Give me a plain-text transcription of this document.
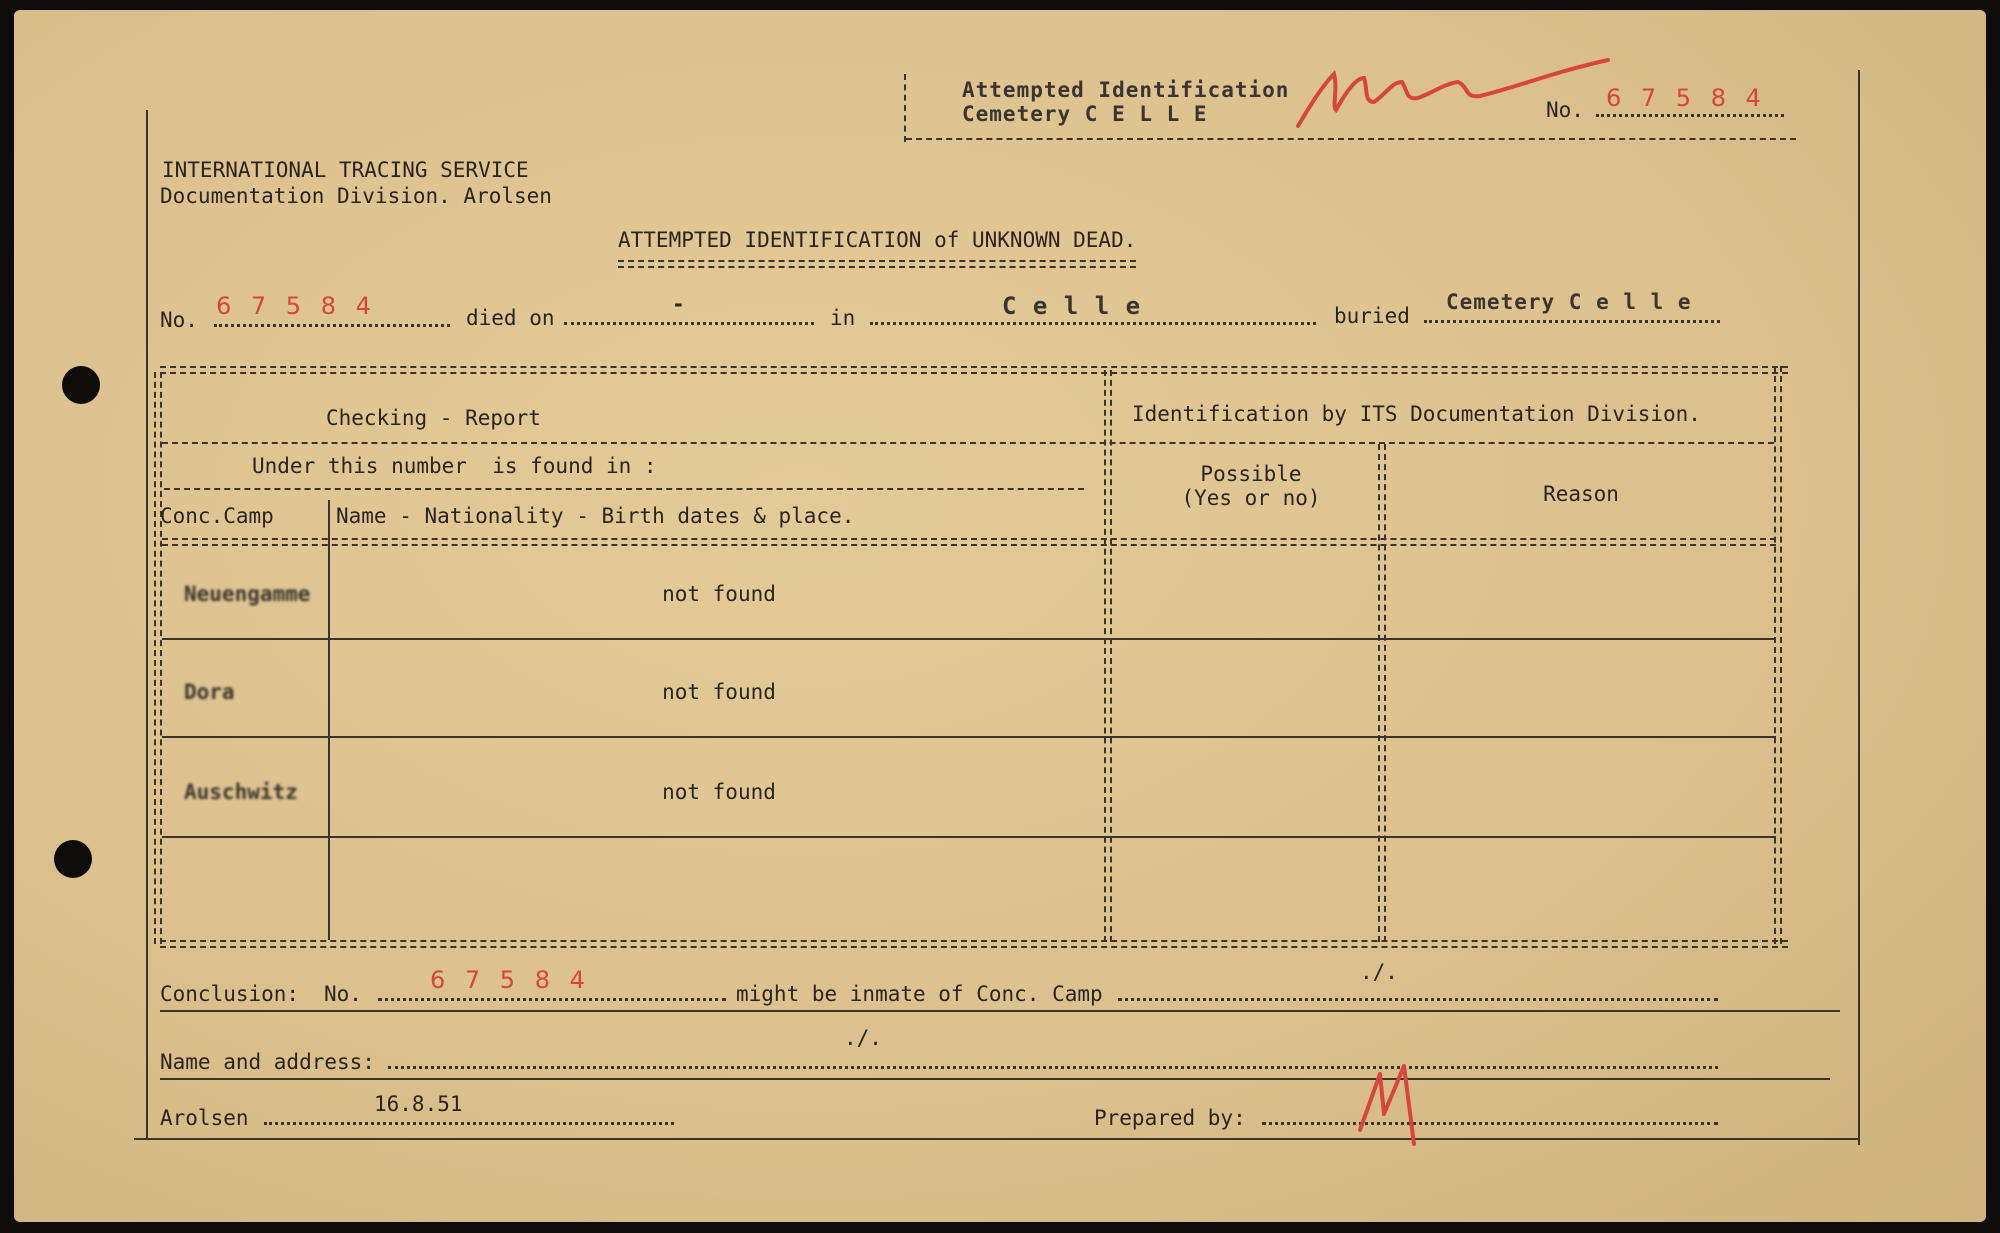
Attempted Identification
Cemetery C E L L E	No. 6 7 5 8 4
INTERNATIONAL TRACING SERVICE
Documentation Division. Arolsen
ATTEMPTED IDENTIFICATION of UNKNOWN DEAD.
No. 6 7 5 8 4	died on
-
in	C e l l e	buried
Cemetery C e l l e
Checking - Report	Identification by ITS Documentation Division.
Under this number  is found in :
Conc.Camp	Name - Nationality - Birth dates & place.
Possible
(Yes or no)	Reason
Neuengamme	not found
Dora	not found
Auschwitz	not found
Conclusion: No.	6 7 5 8 4	might be inmate of Conc. Camp
./.
Name and address:
./.
Arolsen
16.8.51
Prepared by:
